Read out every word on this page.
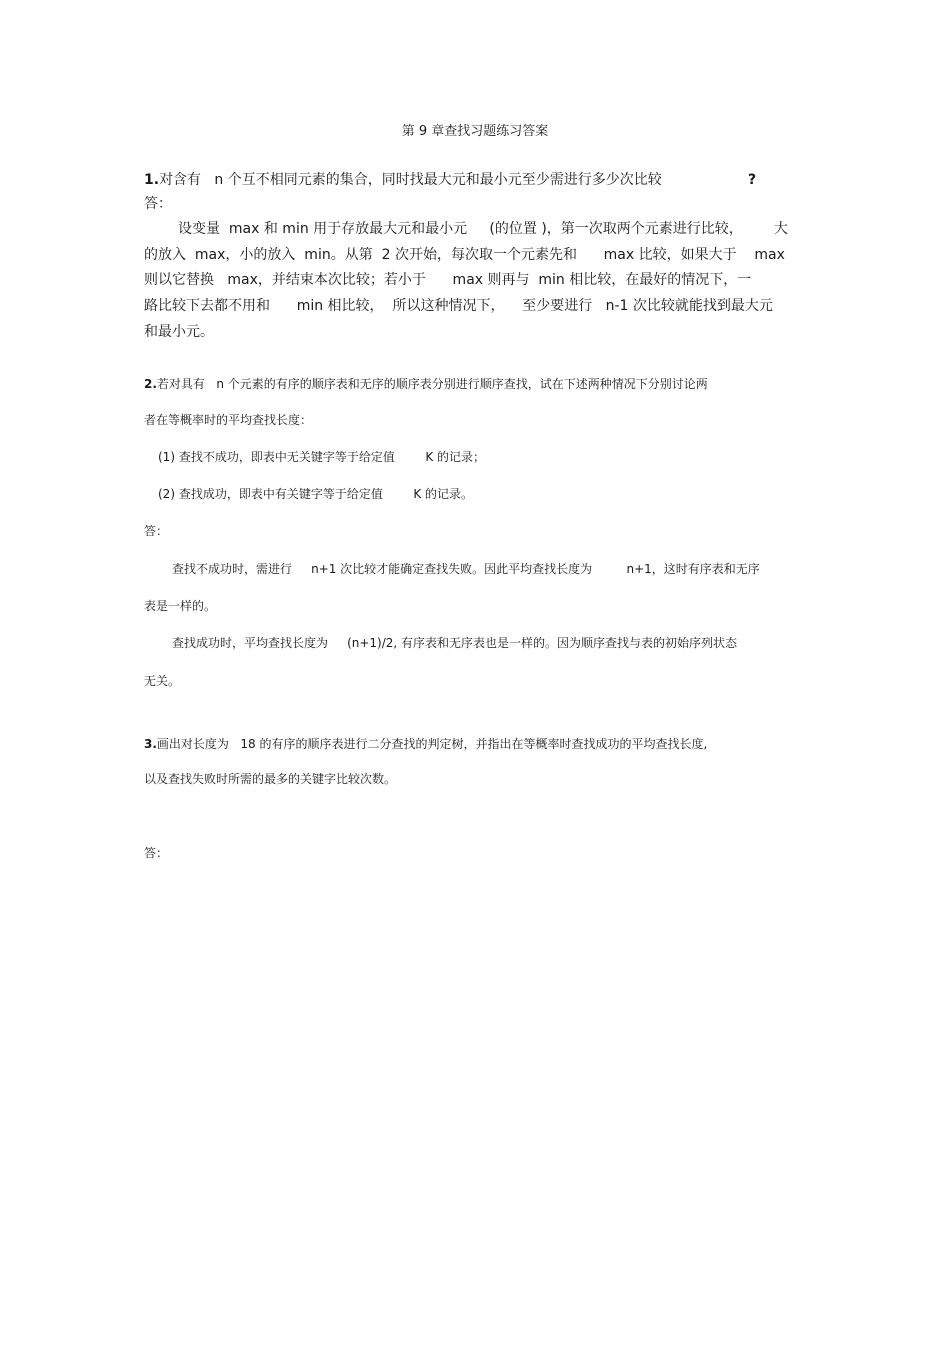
第 9 章查找习题练习答案
1.对含有   n 个互不相同元素的集合，同时找最大元和最小元至少需进行多少次比较	?
答：
设变量  max 和 min 用于存放最大元和最小元     (的位置 )，第一次取两个元素进行比较，       大
的放入  max，小的放入  min。从第  2 次开始，每次取一个元素先和      max 比较，如果大于    max
则以它替换   max，并结束本次比较；若小于      max 则再与  min 相比较，在最好的情况下，一
路比较下去都不用和      min 相比较，  所以这种情况下，    至少要进行   n-1 次比较就能找到最大元
和最小元。
2.若对具有   n 个元素的有序的顺序表和无序的顺序表分别进行顺序查找，试在下述两种情况下分别讨论两
者在等概率时的平均查找长度：
(1) 查找不成功，即表中无关键字等于给定值        K 的记录；
(2) 查找成功，即表中有关键字等于给定值        K 的记录。
答：
查找不成功时，需进行     n+1 次比较才能确定查找失败。因此平均查找长度为         n+1，这时有序表和无序
表是一样的。
查找成功时，平均查找长度为     (n+1)/2, 有序表和无序表也是一样的。因为顺序查找与表的初始序列状态
无关。
3.画出对长度为   18 的有序的顺序表进行二分查找的判定树，并指出在等概率时查找成功的平均查找长度,
以及查找失败时所需的最多的关键字比较次数。
答：
